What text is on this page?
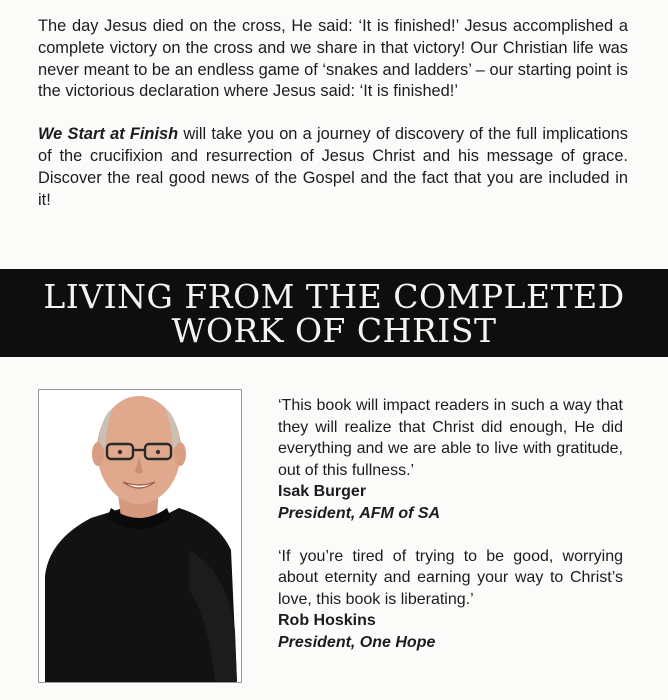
The day Jesus died on the cross, He said: ‘It is finished!’ Jesus accomplished a complete victory on the cross and we share in that victory! Our Christian life was never meant to be an endless game of ‘snakes and ladders’ – our starting point is the victorious declaration where Jesus said: ‘It is finished!’

We Start at Finish will take you on a journey of discovery of the full implications of the crucifixion and resurrection of Jesus Christ and his message of grace. Discover the real good news of the Gospel and the fact that you are included in it!

LIVING FROM THE COMPLETED
WORK OF CHRIST

‘This book will impact readers in such a way that they will realize that Christ did enough, He did everything and we are able to live with gratitude, out of this fullness.’

Isak Burger

President, AFM of SA

‘If you’re tired of trying to be good, worrying about eternity and earning your way to Christ’s love, this book is liberating.’

Rob Hoskins

President, One Hope
